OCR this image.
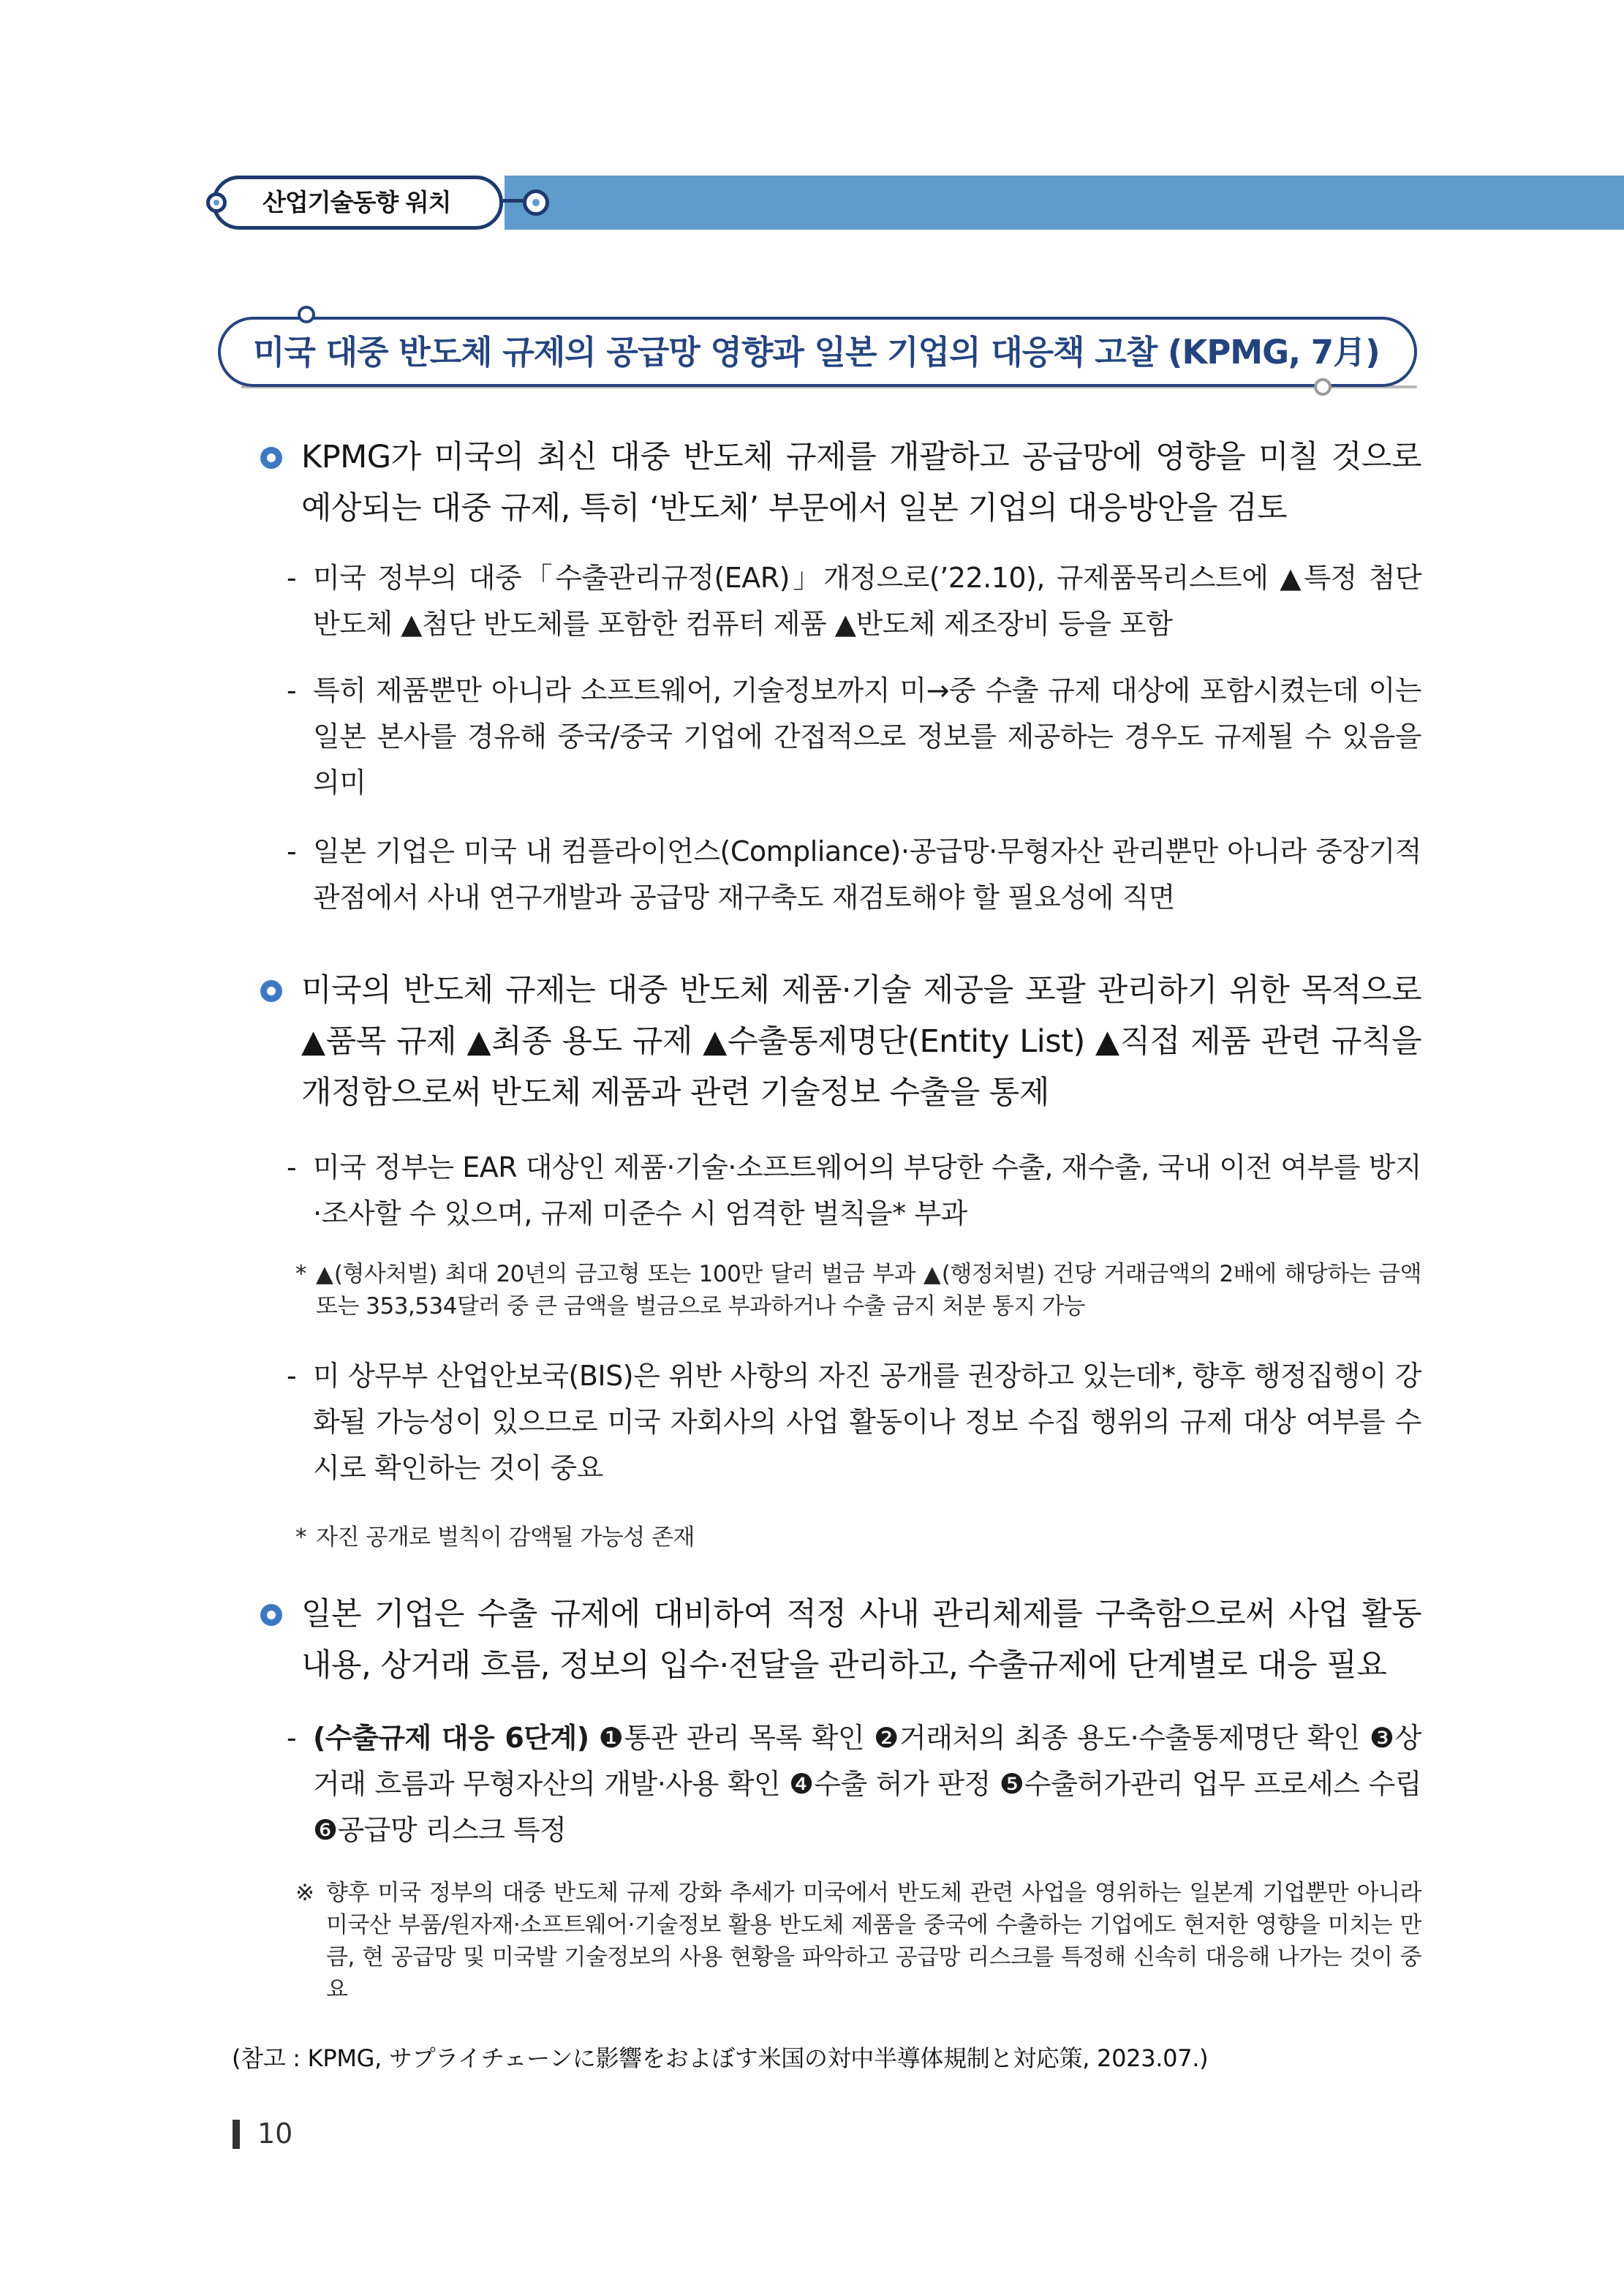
산업기술동향 워치
미국 대중 반도체 규제의 공급망 영향과 일본 기업의 대응책 고찰 (KPMG, 7月)
KPMG가 미국의 최신 대중 반도체 규제를 개괄하고 공급망에 영향을 미칠 것으로 예상되는 대중 규제, 특히 ‘반도체’ 부문에서 일본 기업의 대응방안을 검토
- 미국 정부의 대중「수출관리규정(EAR)」개정으로(’22.10), 규제품목리스트에 ▲특정 첨단 반도체 ▲첨단 반도체를 포함한 컴퓨터 제품 ▲반도체 제조장비 등을 포함
- 특히 제품뿐만 아니라 소프트웨어, 기술정보까지 미→중 수출 규제 대상에 포함시켰는데 이는 일본 본사를 경유해 중국/중국 기업에 간접적으로 정보를 제공하는 경우도 규제될 수 있음을 의미
- 일본 기업은 미국 내 컴플라이언스(Compliance)·공급망·무형자산 관리뿐만 아니라 중장기적 관점에서 사내 연구개발과 공급망 재구축도 재검토해야 할 필요성에 직면
미국의 반도체 규제는 대중 반도체 제품·기술 제공을 포괄 관리하기 위한 목적으로 ▲품목 규제 ▲최종 용도 규제 ▲수출통제명단(Entity List) ▲직접 제품 관련 규칙을 개정함으로써 반도체 제품과 관련 기술정보 수출을 통제
- 미국 정부는 EAR 대상인 제품·기술·소프트웨어의 부당한 수출, 재수출, 국내 이전 여부를 방지·조사할 수 있으며, 규제 미준수 시 엄격한 벌칙을* 부과
* ▲(형사처벌) 최대 20년의 금고형 또는 100만 달러 벌금 부과 ▲(행정처벌) 건당 거래금액의 2배에 해당하는 금액 또는 353,534달러 중 큰 금액을 벌금으로 부과하거나 수출 금지 처분 통지 가능
- 미 상무부 산업안보국(BIS)은 위반 사항의 자진 공개를 권장하고 있는데*, 향후 행정집행이 강화될 가능성이 있으므로 미국 자회사의 사업 활동이나 정보 수집 행위의 규제 대상 여부를 수시로 확인하는 것이 중요
* 자진 공개로 벌칙이 감액될 가능성 존재
일본 기업은 수출 규제에 대비하여 적정 사내 관리체제를 구축함으로써 사업 활동 내용, 상거래 흐름, 정보의 입수·전달을 관리하고, 수출규제에 단계별로 대응 필요
- (수출규제 대응 6단계) ❶통관 관리 목록 확인 ❷거래처의 최종 용도·수출통제명단 확인 ❸상거래 흐름과 무형자산의 개발·사용 확인 ❹수출 허가 판정 ❺수출허가관리 업무 프로세스 수립 ❻공급망 리스크 특정
※ 향후 미국 정부의 대중 반도체 규제 강화 추세가 미국에서 반도체 관련 사업을 영위하는 일본계 기업뿐만 아니라 미국산 부품/원자재·소프트웨어·기술정보 활용 반도체 제품을 중국에 수출하는 기업에도 현저한 영향을 미치는 만큼, 현 공급망 및 미국발 기술정보의 사용 현황을 파악하고 공급망 리스크를 특정해 신속히 대응해 나가는 것이 중요
(참고 : KPMG, サプライチェーンに影響をおよぼす米国の対中半導体規制と対応策, 2023.07.)
10
